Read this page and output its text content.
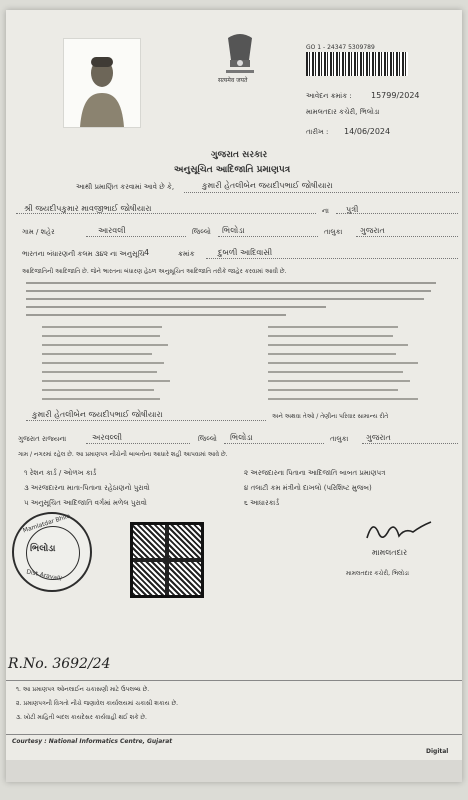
सत्यमेव जयते
GO 1 - 24347 5309789
આવેદન ક્રમાંક : 15799/2024
મામલતદાર કચેરી, ભિલોડા
તારીખ : 14/06/2024
ગુજરાત સરકાર
અનુસૂચિત આદિજાતિ પ્રમાણપત્ર
આથી પ્રમાણિત કરવામાં આવે છે કે,	કુમારી હેતલીબેન જયદીપભાઈ જોષીયારા
શ્રી જયદીપકુમાર માવજીભાઈ જોષીયારા	ના પુત્રી
ગામ / શહેર	આરવલી	જિલ્લો ભિલોડા	તાલુકા ગુજરાત
ભારતના બંધારણની કલમ ૩૪૨ ના અનુસૂચિ 4	ક્રમાંક	દુબળી આદિવાસી
આદિજાતિની આદિજાતિ છે. જેને ભારતના બંધારણ હેઠળ અનુસૂચિત આદિજાતિ તરીકે જાહેર કરવામાં આવી છે.
કુમારી હેતલીબેન જયદીપભાઈ જોષીયારા	અને અથવા તેઓ / તેણીના પરિવાર સામાન્ય રીતે
ગુજરાત રાજ્યના	અરવલ્લી	જિલ્લો ભિલોડા	તાલુકા ગુજરાત
ગામ / નગરમાં રહેલ છે. આ પ્રમાણપત્ર નીચેની બાબતોના આધારે શહી આપવામાં આવે છે.
૧ રેશન કાર્ડ / ઓળખ કાર્ડ
૩ અરજદારના માતા-પિતાના રહેઠાણનો પુરાવો
૫ અનુસૂચિત આદિજાતિ વર્ગમાં મળેલ પુરાવો
૨ અરજદારના પિતાના આદિજાતિ બાબત પ્રમાણપત્ર
૪ તલાટી કમ મંત્રીનો દાખલો (પરિશિષ્ટ મુજબ)
૬ આધારકાર્ડ
Mamlatdar Bhilo
ભિલોડા
Dist Aravalli
મામલતદાર
મામલતદાર કચેરી, ભિલોડા
R.No. 3692/24
૧. આ પ્રમાણપત્ર ઓનલાઈન ચકાસણી માટે ઉપલબ્ધ છે.
૨. પ્રમાણપત્રની વિગતો નીચે જણાવેલ કાર્યાલયમાં ચકાસી શકાય છે.
૩. ખોટી માહિતી બદલ કાયદેસર કાર્યવાહી થઈ શકે છે.
Courtesy : National Informatics Centre, Gujarat
Digital
